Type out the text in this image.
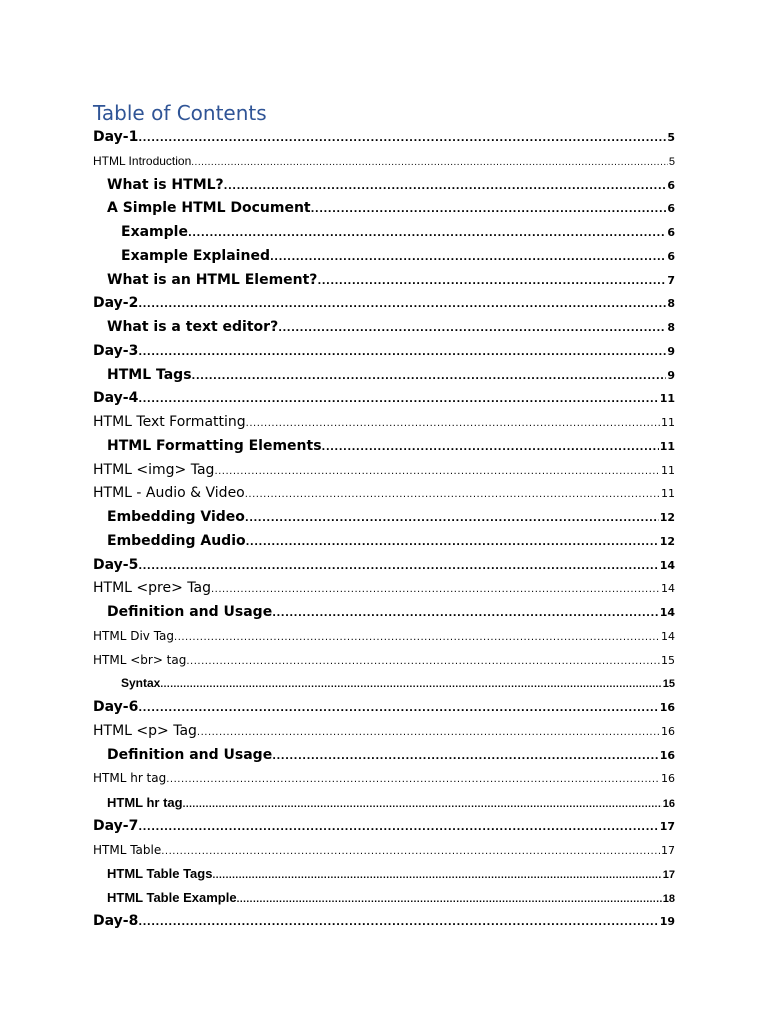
Table of Contents
Day-1 .....	5
HTML Introduction .....	5
What is HTML? .....	6
A Simple HTML Document .....	6
Example .....	6
Example Explained .....	6
What is an HTML Element? .....	7
Day-2 .....	8
What is a text editor? .....	8
Day-3 .....	9
HTML Tags .....	9
Day-4 .....	11
HTML Text Formatting .....	11
HTML Formatting Elements .....	11
HTML <img> Tag .....	11
HTML - Audio & Video .....	11
Embedding Video .....	12
Embedding Audio .....	12
Day-5 .....	14
HTML <pre> Tag .....	14
Definition and Usage .....	14
HTML Div Tag .....	14
HTML <br> tag .....	15
Syntax .....	15
Day-6 .....	16
HTML <p> Tag .....	16
Definition and Usage .....	16
HTML hr tag .....	16
HTML hr tag .....	16
Day-7 .....	17
HTML Table .....	17
HTML Table Tags .....	17
HTML Table Example .....	18
Day-8 .....	19
